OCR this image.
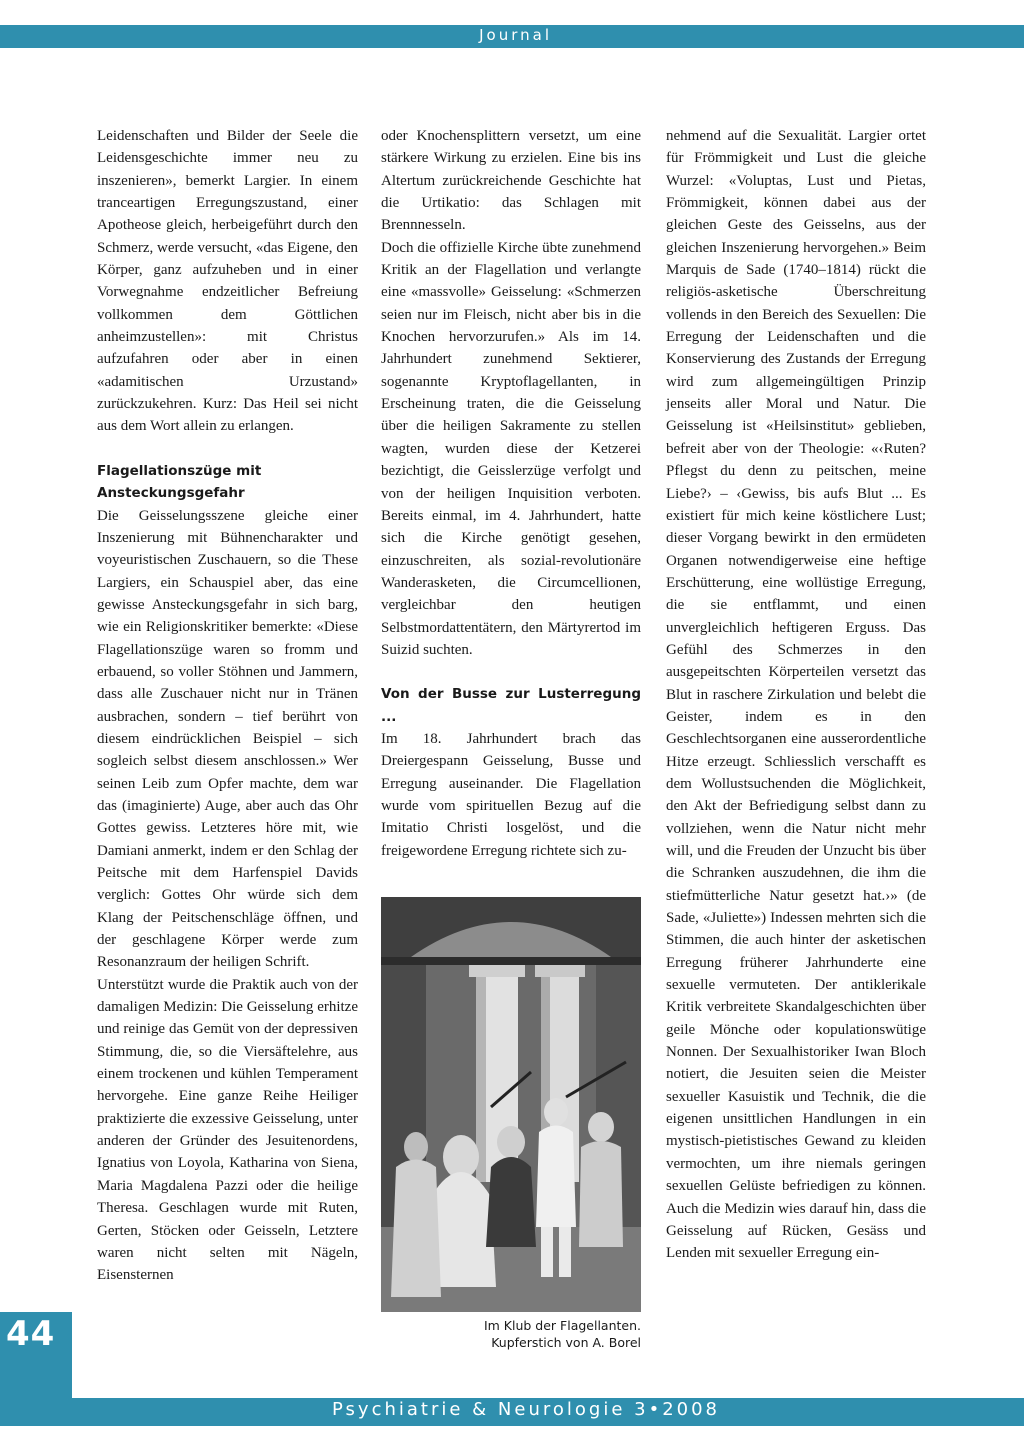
Journal

Leidenschaften und Bilder der Seele die Leidensgeschichte immer neu zu inszenieren», bemerkt Largier. In einem tranceartigen Erregungszustand, einer Apotheose gleich, herbeigeführt durch den Schmerz, werde versucht, «das Eigene, den Körper, ganz aufzuheben und in einer Vorwegnahme endzeitlicher Befreiung vollkommen dem Göttlichen anheimzustellen»: mit Christus aufzufahren oder aber in einen «adamitischen Urzustand» zurückzukehren. Kurz: Das Heil sei nicht aus dem Wort allein zu erlangen.

Flagellationszüge mit
Ansteckungsgefahr

Die Geisselungsszene gleiche einer Inszenierung mit Bühnencharakter und voyeuristischen Zuschauern, so die These Largiers, ein Schauspiel aber, das eine gewisse Ansteckungsgefahr in sich barg, wie ein Religionskritiker bemerkte: «Diese Flagellationszüge waren so fromm und erbauend, so voller Stöhnen und Jammern, dass alle Zuschauer nicht nur in Tränen ausbrachen, sondern – tief berührt von diesem eindrücklichen Beispiel – sich sogleich selbst diesem anschlossen.» Wer seinen Leib zum Opfer machte, dem war das (imaginierte) Auge, aber auch das Ohr Gottes gewiss. Letzteres höre mit, wie Damiani anmerkt, indem er den Schlag der Peitsche mit dem Harfenspiel Davids verglich: Gottes Ohr würde sich dem Klang der Peitschenschläge öffnen, und der geschlagene Körper werde zum Resonanzraum der heiligen Schrift.

Unterstützt wurde die Praktik auch von der damaligen Medizin: Die Geisselung erhitze und reinige das Gemüt von der depressiven Stimmung, die, so die Viersäftelehre, aus einem trockenen und kühlen Temperament hervorgehe. Eine ganze Reihe Heiliger praktizierte die exzessive Geisselung, unter anderen der Gründer des Jesuitenordens, Ignatius von Loyola, Katharina von Siena, Maria Magdalena Pazzi oder die heilige Theresa. Geschlagen wurde mit Ruten, Gerten, Stöcken oder Geisseln, Letztere waren nicht selten mit Nägeln, Eisensternen

oder Knochensplittern versetzt, um eine stärkere Wirkung zu erzielen. Eine bis ins Altertum zurückreichende Geschichte hat die Urtikatio: das Schlagen mit Brennnesseln.

Doch die offizielle Kirche übte zunehmend Kritik an der Flagellation und verlangte eine «massvolle» Geisselung: «Schmerzen seien nur im Fleisch, nicht aber bis in die Knochen hervorzurufen.» Als im 14. Jahrhundert zunehmend Sektierer, sogenannte Kryptoflagellanten, in Erscheinung traten, die die Geisselung über die heiligen Sakramente zu stellen wagten, wurden diese der Ketzerei bezichtigt, die Geisslerzüge verfolgt und von der heiligen Inquisition verboten. Bereits einmal, im 4. Jahrhundert, hatte sich die Kirche genötigt gesehen, einzuschreiten, als sozial-revolutionäre Wanderasketen, die Circumcellionen, vergleichbar den heutigen Selbstmordattentätern, den Märtyrertod im Suizid suchten.

Von der Busse zur Lusterregung ...

Im 18. Jahrhundert brach das Dreiergespann Geisselung, Busse und Erregung auseinander. Die Flagellation wurde vom spirituellen Bezug auf die Imitatio Christi losgelöst, und die freigewordene Erregung richtete sich zu-

Im Klub der Flagellanten.
Kupferstich von A. Borel

nehmend auf die Sexualität. Largier ortet für Frömmigkeit und Lust die gleiche Wurzel: «Voluptas, Lust und Pietas, Frömmigkeit, können dabei aus der gleichen Geste des Geisselns, aus der gleichen Inszenierung hervorgehen.» Beim Marquis de Sade (1740–1814) rückt die religiös-asketische Überschreitung vollends in den Bereich des Sexuellen: Die Erregung der Leidenschaften und die Konservierung des Zustands der Erregung wird zum allgemeingültigen Prinzip jenseits aller Moral und Natur. Die Geisselung ist «Heilsinstitut» geblieben, befreit aber von der Theologie: «‹Ruten? Pflegst du denn zu peitschen, meine Liebe?› – ‹Gewiss, bis aufs Blut ... Es existiert für mich keine köstlichere Lust; dieser Vorgang bewirkt in den ermüdeten Organen notwendigerweise eine heftige Erschütterung, eine wollüstige Erregung, die sie entflammt, und einen unvergleichlich heftigeren Erguss. Das Gefühl des Schmerzes in den ausgepeitschten Körperteilen versetzt das Blut in raschere Zirkulation und belebt die Geister, indem es in den Geschlechtsorganen eine ausserordentliche Hitze erzeugt. Schliesslich verschafft es dem Wollustsuchenden die Möglichkeit, den Akt der Befriedigung selbst dann zu vollziehen, wenn die Natur nicht mehr will, und die Freuden der Unzucht bis über die Schranken auszudehnen, die ihm die stiefmütterliche Natur gesetzt hat.›» (de Sade, «Juliette») Indessen mehrten sich die Stimmen, die auch hinter der asketischen Erregung früherer Jahrhunderte eine sexuelle vermuteten. Der antiklerikale Kritik verbreitete Skandalgeschichten über geile Mönche oder kopulationswütige Nonnen. Der Sexualhistoriker Iwan Bloch notiert, die Jesuiten seien die Meister sexueller Kasuistik und Technik, die die eigenen unsittlichen Handlungen in ein mystisch-pietistisches Gewand zu kleiden vermochten, um ihre niemals geringen sexuellen Gelüste befriedigen zu können. Auch die Medizin wies darauf hin, dass die Geisselung auf Rücken, Gesäss und Lenden mit sexueller Erregung ein-

44
Psychiatrie & Neurologie 3•2008
